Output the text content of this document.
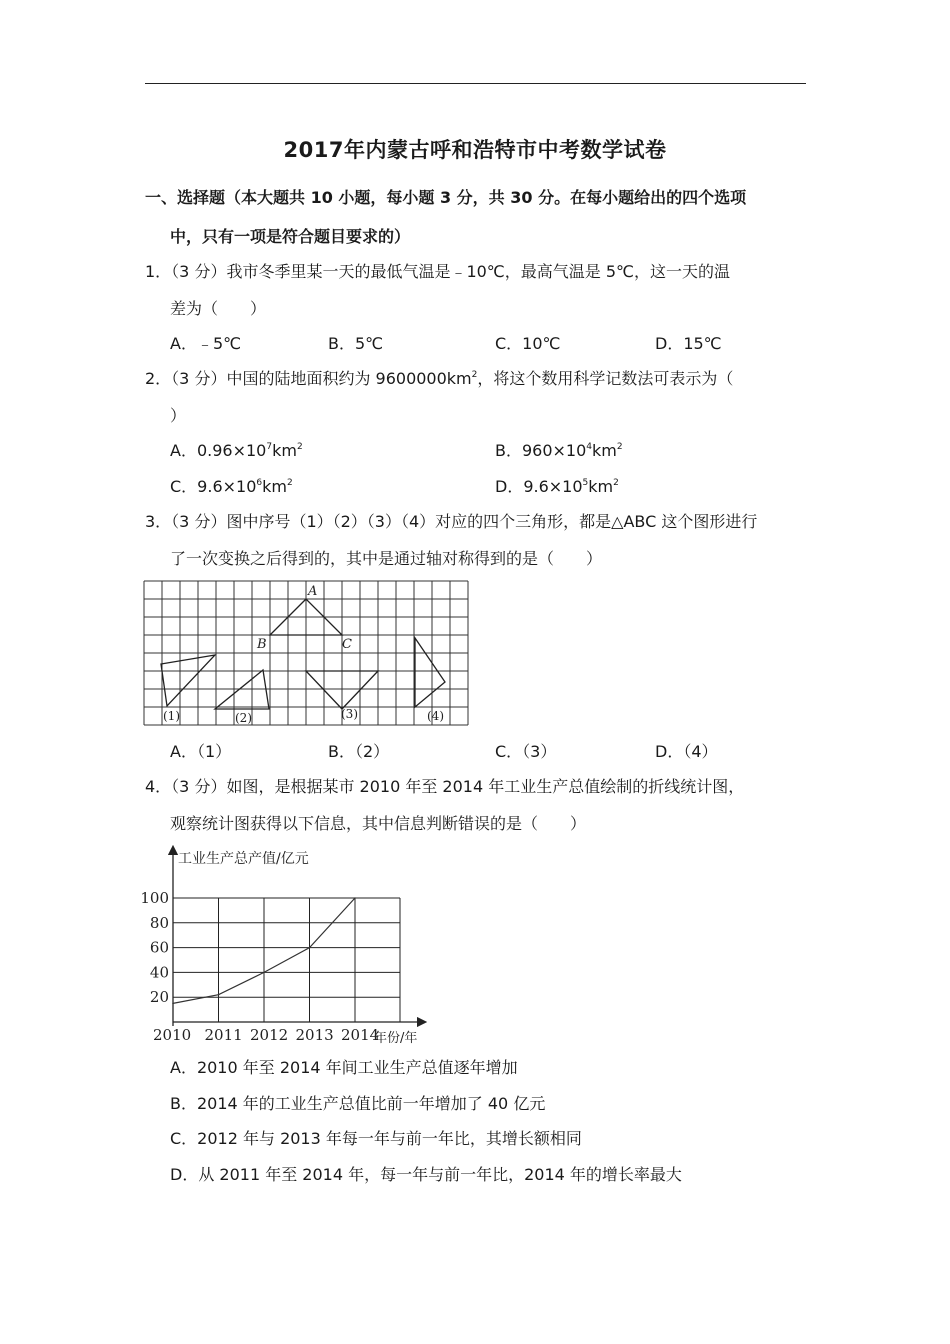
2017年内蒙古呼和浩特市中考数学试卷
一、选择题（本大题共 10 小题，每小题 3 分，共 30 分。在每小题给出的四个选项
中，只有一项是符合题目要求的）
1．（3 分）我市冬季里某一天的最低气温是﹣10℃，最高气温是 5℃，这一天的温
差为（　　）
A．﹣5℃	B．5℃	C．10℃	D．15℃
2．（3 分）中国的陆地面积约为 $9600000km^2$，将这个数用科学记数法可表示为（
）
A．$0.96\times 10^7km^2$	B．$960\times 10^4km^2$
C．$9.6\times 10^6km^2$	D．$9.6\times 10^5km^2$
3．（3 分）图中序号（1）（2）（3）（4）对应的四个三角形，都是△ABC 这个图形进行
了一次变换之后得到的，其中是通过轴对称得到的是（　　）
A
B	C
(1)	(2)	(3)	(4)
A．（1）	B．（2）	C．（3）	D．（4）
4．（3 分）如图，是根据某市 2010 年至 2014 年工业生产总值绘制的折线统计图，
观察统计图获得以下信息，其中信息判断错误的是（　　）
工业生产总产值/亿元
年份/年
20
40
60
80
100
2010 2011 2012 2013 2014
A．2010 年至 2014 年间工业生产总值逐年增加
B．2014 年的工业生产总值比前一年增加了 40 亿元
C．2012 年与 2013 年每一年与前一年比，其增长额相同
D．从 2011 年至 2014 年，每一年与前一年比，2014 年的增长率最大
